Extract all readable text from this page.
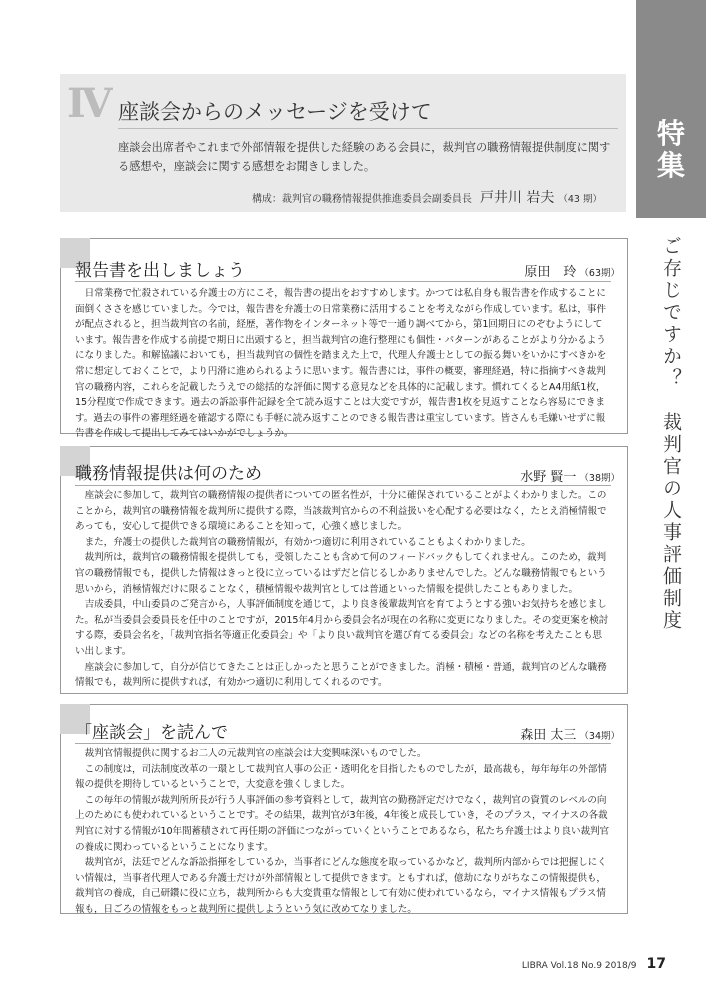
特
集
ご存じですか？　裁判官の人事評価制度
Ⅳ 座談会からのメッセージを受けて
座談会出席者やこれまで外部情報を提供した経験のある会員に，裁判官の職務情報提供制度に関する感想や，座談会に関する感想をお聞きしました。
構成：裁判官の職務情報提供推進委員会副委員長 戸井川 岩夫 （43 期）
報告書を出しましょう	原田　玲 （63期）

日常業務で忙殺されている弁護士の方にこそ，報告書の提出をおすすめします。かつては私自身も報告書を作成することに面倒くささを感じていました。今では，報告書を弁護士の日常業務に活用することを考えながら作成しています。私は，事件が配点されると，担当裁判官の名前，経歴，著作物をインターネット等で一通り調べてから，第1回期日にのぞむようにしています。報告書を作成する前提で期日に出頭すると，担当裁判官の進行整理にも個性・パターンがあることがより分かるようになりました。和解協議においても，担当裁判官の個性を踏まえた上で，代理人弁護士としての振る舞いをいかにすべきかを常に想定しておくことで，より円滑に進められるように思います。報告書には，事件の概要，審理経過，特に指摘すべき裁判官の職務内容，これらを記載したうえでの総括的な評価に関する意見などを具体的に記載します。慣れてくるとA4用紙1枚，15分程度で作成できます。過去の訴訟事件記録を全て読み返すことは大変ですが，報告書1枚を見返すことなら容易にできます。過去の事件の審理経過を確認する際にも手軽に読み返すことのできる報告書は重宝しています。皆さんも毛嫌いせずに報告書を作成して提出してみてはいかがでしょうか。

職務情報提供は何のため	水野 賢一 （38期）

座談会に参加して，裁判官の職務情報の提供者についての匿名性が，十分に確保されていることがよくわかりました。このことから，裁判官の職務情報を裁判所に提供する際，当該裁判官からの不利益扱いを心配する必要はなく，たとえ消極情報であっても，安心して提供できる環境にあることを知って，心強く感じました。

また，弁護士の提供した裁判官の職務情報が，有効かつ適切に利用されていることもよくわかりました。

裁判所は，裁判官の職務情報を提供しても，受領したことも含めて何のフィードバックもしてくれません。このため，裁判官の職務情報でも，提供した情報はきっと役に立っているはずだと信じるしかありませんでした。どんな職務情報でもという思いから，消極情報だけに限ることなく，積極情報や裁判官としては普通といった情報を提供したこともありました。

吉成委員，中山委員のご発言から，人事評価制度を通じて，より良き後輩裁判官を育てようとする強いお気持ちを感じました。私が当委員会委員長を任中のことですが，2015年4月から委員会名が現在の名称に変更になりました。その変更案を検討する際，委員会名を，「裁判官指名等適正化委員会」や「より良い裁判官を選び育てる委員会」などの名称を考えたことも思い出します。

座談会に参加して，自分が信じてきたことは正しかったと思うことができました。消極・積極・普通，裁判官のどんな職務情報でも，裁判所に提供すれば，有効かつ適切に利用してくれるのです。

「座談会」を読んで	森田 太三 （34期）

裁判官情報提供に関するお二人の元裁判官の座談会は大変興味深いものでした。

この制度は，司法制度改革の一環として裁判官人事の公正・透明化を目指したものでしたが，最高裁も，毎年毎年の外部情報の提供を期待しているということで，大変意を強くしました。

この毎年の情報が裁判所所長が行う人事評価の参考資料として，裁判官の勤務評定だけでなく，裁判官の資質のレベルの向上のためにも使われているということです。その結果，裁判官が3年後，4年後と成長していき，そのプラス，マイナスの各裁判官に対する情報が10年間蓄積されて再任期の評価につながっていくということであるなら，私たち弁護士はより良い裁判官の養成に関わっているということになります。

裁判官が，法廷でどんな訴訟指揮をしているか，当事者にどんな態度を取っているかなど，裁判所内部からでは把握しにくい情報は，当事者代理人である弁護士だけが外部情報として提供できます。ともすれば，億劫になりがちなこの情報提供も，裁判官の養成，自己研鑽に役に立ち，裁判所からも大変貴重な情報として有効に使われているなら，マイナス情報もプラス情報も，日ごろの情報をもっと裁判所に提供しようという気に改めてなりました。

LIBRA Vol.18 No.9 2018/9 17
